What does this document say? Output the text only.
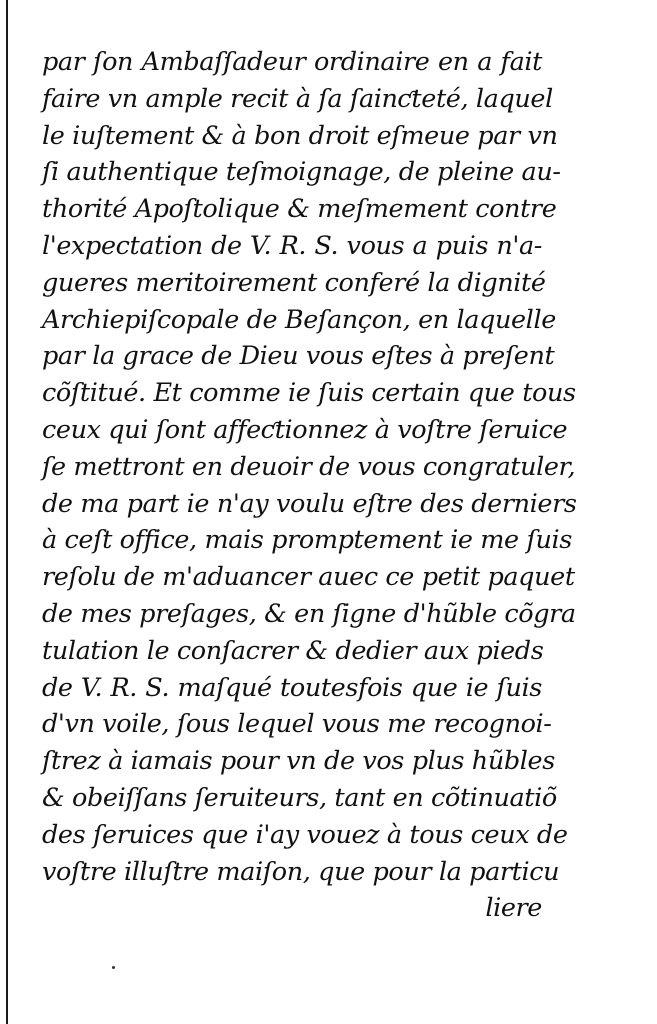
par ſon Ambaſſadeur ordinaire en a fait
faire vn ample recit à ſa ſainƈteté, laquel
le iuſtement & à bon droit eſmeue par vn
ſi authentique teſmoignage, de pleine au-
thorité Apoſtolique & meſmement contre
l'expectation de V. R. S. vous a puis n'a-
gueres meritoirement conferé la dignité
Archiepiſcopale de Beſançon, en laquelle
par la grace de Dieu vous eſtes à preſent
cõſtitué. Et comme ie ſuis certain que tous
ceux qui ſont affeƈtionnez à voſtre ſeruice
ſe mettront en deuoir de vous congratuler,
de ma part ie n'ay voulu eſtre des derniers
à ceſt office, mais promptement ie me ſuis
reſolu de m'aduancer auec ce petit paquet
de mes preſages, & en ſigne d'hũble cõgra
tulation le conſacrer & dedier aux pieds
de V. R. S. maſqué toutesfois que ie ſuis
d'vn voile, ſous lequel vous me recognoi-
ſtrez à iamais pour vn de vos plus hũbles
& obeiſſans ſeruiteurs, tant en cõtinuatiõ
des ſeruices que i'ay vouez à tous ceux de
voſtre illuſtre maiſon, que pour la particu
liere
